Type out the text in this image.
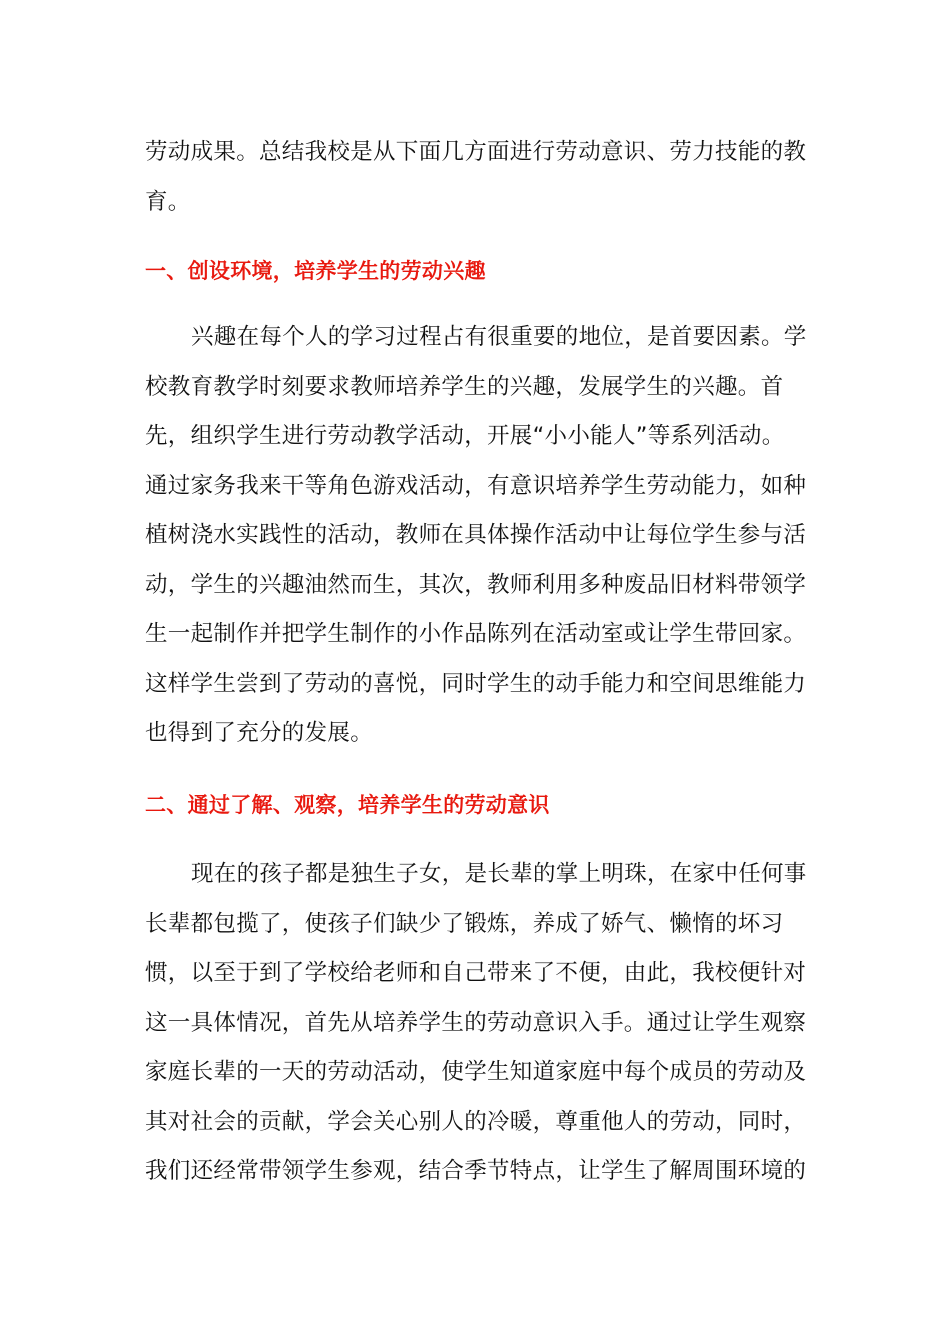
劳动成果。总结我校是从下面几方面进行劳动意识、劳力技能的教
育。
一、创设环境，培养学生的劳动兴趣
兴趣在每个人的学习过程占有很重要的地位，是首要因素。学
校教育教学时刻要求教师培养学生的兴趣，发展学生的兴趣。首
先，组织学生进行劳动教学活动，开展“小小能人”等系列活动。
通过家务我来干等角色游戏活动，有意识培养学生劳动能力，如种
植树浇水实践性的活动，教师在具体操作活动中让每位学生参与活
动，学生的兴趣油然而生，其次，教师利用多种废品旧材料带领学
生一起制作并把学生制作的小作品陈列在活动室或让学生带回家。
这样学生尝到了劳动的喜悦，同时学生的动手能力和空间思维能力
也得到了充分的发展。
二、通过了解、观察，培养学生的劳动意识
现在的孩子都是独生子女，是长辈的掌上明珠，在家中任何事
长辈都包揽了，使孩子们缺少了锻炼，养成了娇气、懒惰的坏习
惯，以至于到了学校给老师和自己带来了不便，由此，我校便针对
这一具体情况，首先从培养学生的劳动意识入手。通过让学生观察
家庭长辈的一天的劳动活动，使学生知道家庭中每个成员的劳动及
其对社会的贡献，学会关心别人的冷暖，尊重他人的劳动，同时，
我们还经常带领学生参观，结合季节特点，让学生了解周围环境的
